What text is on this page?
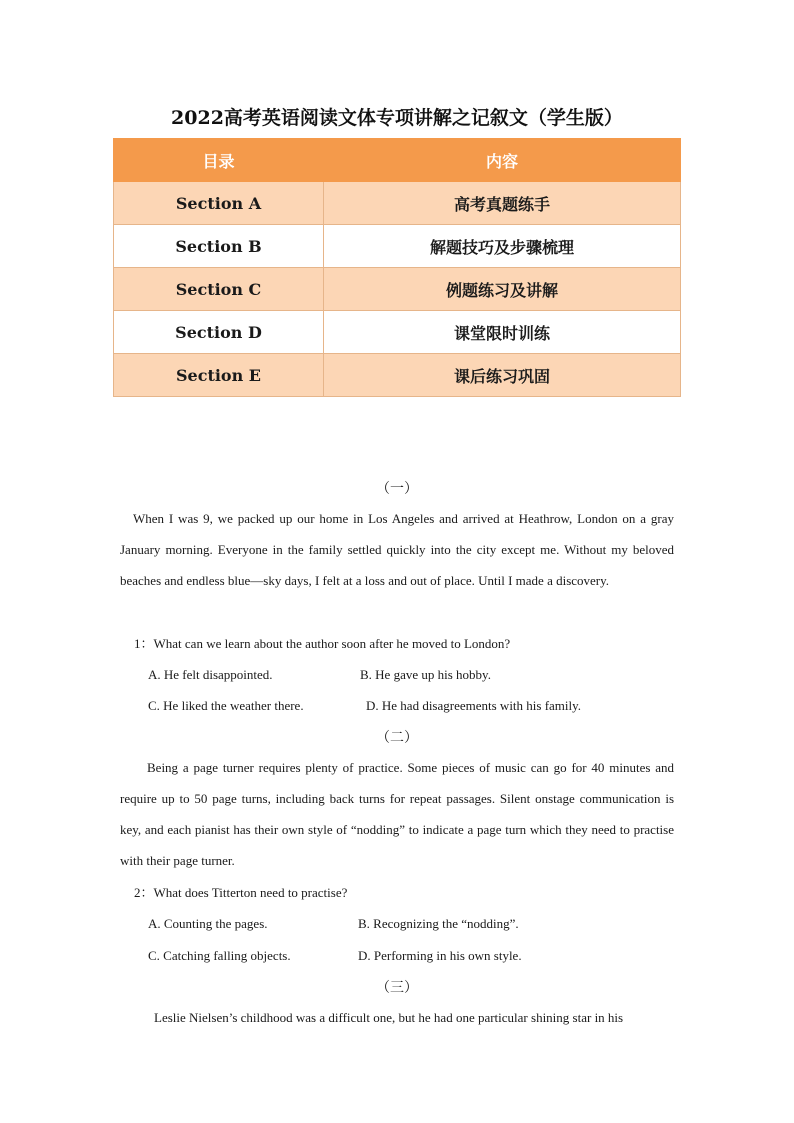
2022高考英语阅读文体专项讲解之记叙文（学生版）
目录	内容
Section A	高考真题练手
Section B	解题技巧及步骤梳理
Section C	例题练习及讲解
Section D	课堂限时训练
Section E	课后练习巩固
（一）
When I was 9, we packed up our home in Los Angeles and arrived at Heathrow, London on a gray January morning. Everyone in the family settled quickly into the city except me. Without my beloved beaches and endless blue—sky days, I felt at a loss and out of place. Until I made a discovery.
1：What can we learn about the author soon after he moved to London?
A. He felt disappointed.	B. He gave up his hobby.
C. He liked the weather there.	D. He had disagreements with his family.
（二）
Being a page turner requires plenty of practice. Some pieces of music can go for 40 minutes and require up to 50 page turns, including back turns for repeat passages. Silent onstage communication is key, and each pianist has their own style of “nodding” to indicate a page turn which they need to practise with their page turner.
2：What does Titterton need to practise?
A. Counting the pages.	B. Recognizing the “nodding”.
C. Catching falling objects.	D. Performing in his own style.
（三）
Leslie Nielsen’s childhood was a difficult one, but he had one particular shining star in his
